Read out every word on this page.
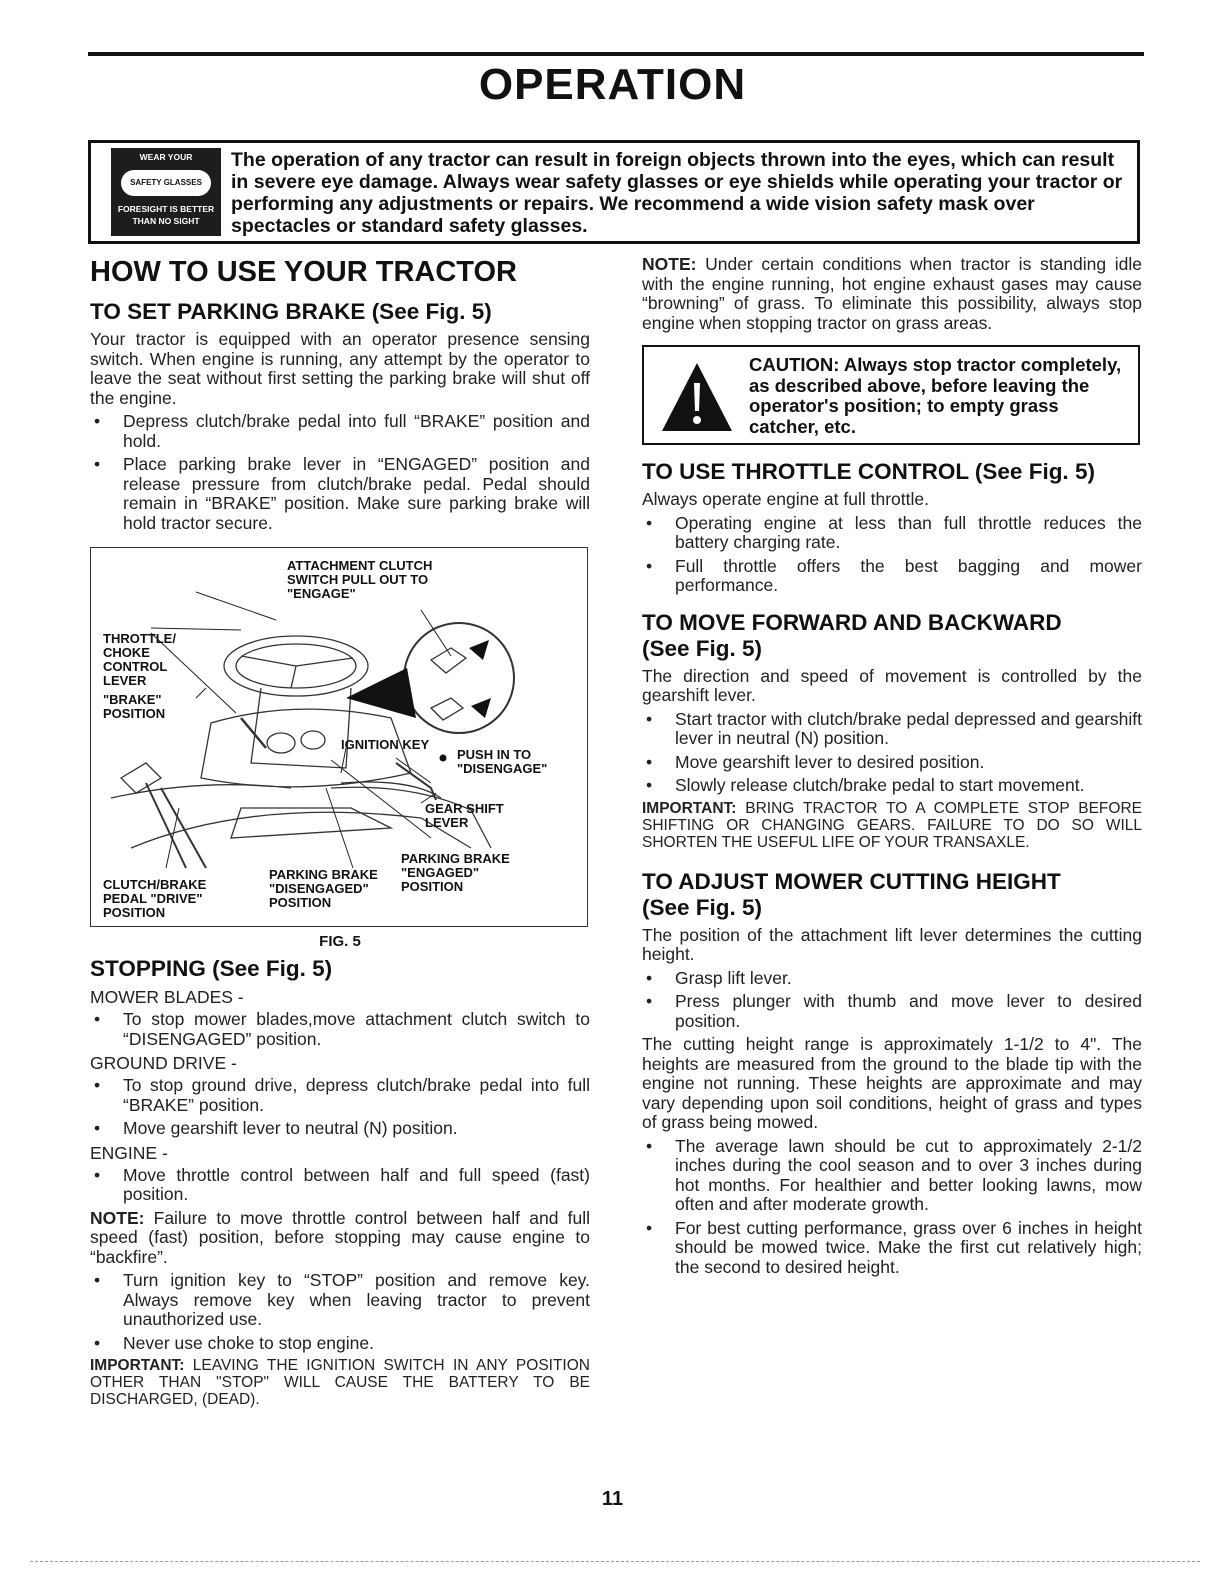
OPERATION
WEAR YOUR
SAFETY GLASSES
FORESIGHT IS BETTER
THAN NO SIGHT
The operation of any tractor can result in foreign objects thrown into the eyes, which can result in severe eye damage. Always wear safety glasses or eye shields while operating your tractor or performing any adjustments or repairs. We recommend a wide vision safety mask over spectacles or standard safety glasses.
HOW TO USE YOUR TRACTOR
TO SET PARKING BRAKE (See Fig. 5)

Your tractor is equipped with an operator presence sensing switch. When engine is running, any attempt by the operator to leave the seat without first setting the parking brake will shut off the engine.

• Depress clutch/brake pedal into full “BRAKE” position and hold.
• Place parking brake lever in “ENGAGED” position and release pressure from clutch/brake pedal. Pedal should remain in “BRAKE” position. Make sure parking brake will hold tractor secure.
ATTACHMENT CLUTCH
SWITCH PULL OUT TO
"ENGAGE"
THROTTLE/
CHOKE
CONTROL
LEVER
"BRAKE"
POSITION
IGNITION KEY
PUSH IN TO
"DISENGAGE"
GEAR SHIFT
LEVER
PARKING BRAKE
"ENGAGED"
POSITION
PARKING BRAKE
"DISENGAGED"
POSITION
CLUTCH/BRAKE
PEDAL "DRIVE"
POSITION
FIG. 5
STOPPING (See Fig. 5)
MOWER BLADES -
• To stop mower blades,move attachment clutch switch to “DISENGAGED” position.
GROUND DRIVE -
• To stop ground drive, depress clutch/brake pedal into full “BRAKE” position.
• Move gearshift lever to neutral (N) position.
ENGINE -
• Move throttle control between half and full speed (fast) position.

NOTE: Failure to move throttle control between half and full speed (fast) position, before stopping may cause engine to “backfire”.

• Turn ignition key to “STOP” position and remove key. Always remove key when leaving tractor to prevent unauthorized use.
• Never use choke to stop engine.

IMPORTANT: LEAVING THE IGNITION SWITCH IN ANY POSITION OTHER THAN "STOP" WILL CAUSE THE BATTERY TO BE DISCHARGED, (DEAD).

NOTE: Under certain conditions when tractor is standing idle with the engine running, hot engine exhaust gases may cause “browning” of grass. To eliminate this possibility, always stop engine when stopping tractor on grass areas.

CAUTION: Always stop tractor completely, as described above, before leaving the operator's position; to empty grass catcher, etc.
TO USE THROTTLE CONTROL (See Fig. 5)

Always operate engine at full throttle.

• Operating engine at less than full throttle reduces the battery charging rate.
• Full throttle offers the best bagging and mower performance.
TO MOVE FORWARD AND BACKWARD
(See Fig. 5)

The direction and speed of movement is controlled by the gearshift lever.

• Start tractor with clutch/brake pedal depressed and gearshift lever in neutral (N) position.
• Move gearshift lever to desired position.
• Slowly release clutch/brake pedal to start movement.

IMPORTANT: BRING TRACTOR TO A COMPLETE STOP BEFORE SHIFTING OR CHANGING GEARS. FAILURE TO DO SO WILL SHORTEN THE USEFUL LIFE OF YOUR TRANSAXLE.

TO ADJUST MOWER CUTTING HEIGHT
(See Fig. 5)

The position of the attachment lift lever determines the cutting height.

• Grasp lift lever.
• Press plunger with thumb and move lever to desired position.

The cutting height range is approximately 1-1/2 to 4". The heights are measured from the ground to the blade tip with the engine not running. These heights are approximate and may vary depending upon soil conditions, height of grass and types of grass being mowed.

• The average lawn should be cut to approximately 2-1/2 inches during the cool season and to over 3 inches during hot months. For healthier and better looking lawns, mow often and after moderate growth.
• For best cutting performance, grass over 6 inches in height should be mowed twice. Make the first cut relatively high; the second to desired height.
11
